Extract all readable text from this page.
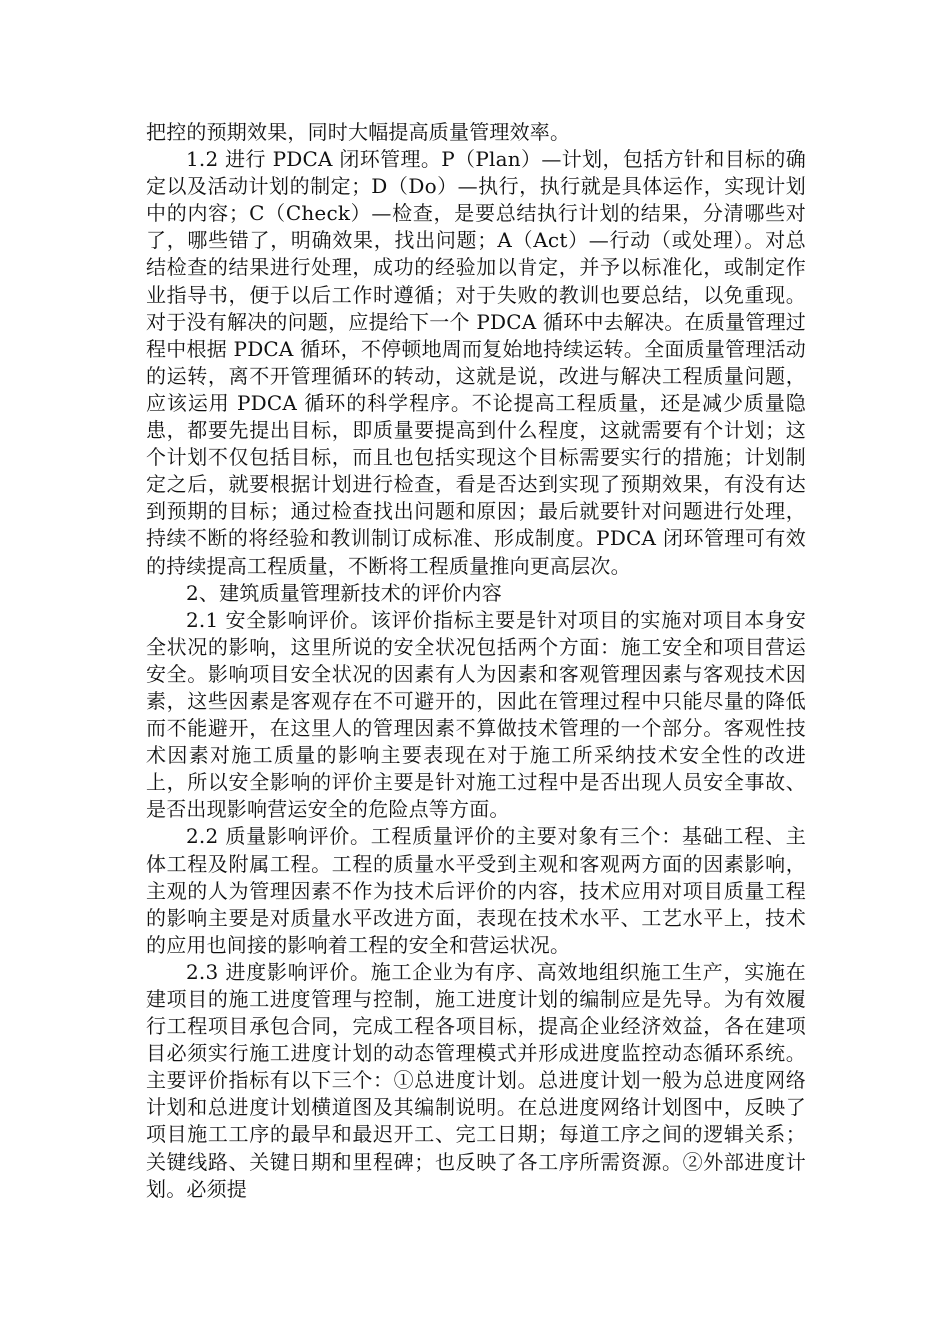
把控的预期效果，同时大幅提高质量管理效率。

1.2 进行 PDCA 闭环管理。P（Plan）—计划，包括方针和目标的确定以及活动计划的制定；D（Do）—执行，执行就是具体运作，实现计划中的内容；C（Check）—检查，是要总结执行计划的结果，分清哪些对了，哪些错了，明确效果，找出问题；A（Act）—行动（或处理）。对总结检查的结果进行处理，成功的经验加以肯定，并予以标准化，或制定作业指导书，便于以后工作时遵循；对于失败的教训也要总结，以免重现。对于没有解决的问题，应提给下一个 PDCA 循环中去解决。在质量管理过程中根据 PDCA 循环，不停顿地周而复始地持续运转。全面质量管理活动的运转，离不开管理循环的转动，这就是说，改进与解决工程质量问题，应该运用 PDCA 循环的科学程序。不论提高工程质量，还是减少质量隐患，都要先提出目标，即质量要提高到什么程度，这就需要有个计划；这个计划不仅包括目标，而且也包括实现这个目标需要实行的措施；计划制定之后，就要根据计划进行检查，看是否达到实现了预期效果，有没有达到预期的目标；通过检查找出问题和原因；最后就要针对问题进行处理，持续不断的将经验和教训制订成标准、形成制度。PDCA 闭环管理可有效的持续提高工程质量，不断将工程质量推向更高层次。

2、建筑质量管理新技术的评价内容

2.1 安全影响评价。该评价指标主要是针对项目的实施对项目本身安全状况的影响，这里所说的安全状况包括两个方面：施工安全和项目营运安全。影响项目安全状况的因素有人为因素和客观管理因素与客观技术因素，这些因素是客观存在不可避开的，因此在管理过程中只能尽量的降低而不能避开，在这里人的管理因素不算做技术管理的一个部分。客观性技术因素对施工质量的影响主要表现在对于施工所采纳技术安全性的改进上，所以安全影响的评价主要是针对施工过程中是否出现人员安全事故、是否出现影响营运安全的危险点等方面。

2.2 质量影响评价。工程质量评价的主要对象有三个：基础工程、主体工程及附属工程。工程的质量水平受到主观和客观两方面的因素影响，主观的人为管理因素不作为技术后评价的内容，技术应用对项目质量工程的影响主要是对质量水平改进方面，表现在技术水平、工艺水平上，技术的应用也间接的影响着工程的安全和营运状况。

2.3 进度影响评价。施工企业为有序、高效地组织施工生产，实施在建项目的施工进度管理与控制，施工进度计划的编制应是先导。为有效履行工程项目承包合同，完成工程各项目标，提高企业经济效益，各在建项目必须实行施工进度计划的动态管理模式并形成进度监控动态循环系统。主要评价指标有以下三个：①总进度计划。总进度计划一般为总进度网络计划和总进度计划横道图及其编制说明。在总进度网络计划图中，反映了项目施工工序的最早和最迟开工、完工日期；每道工序之间的逻辑关系；关键线路、关键日期和里程碑；也反映了各工序所需资源。②外部进度计划。必须提
